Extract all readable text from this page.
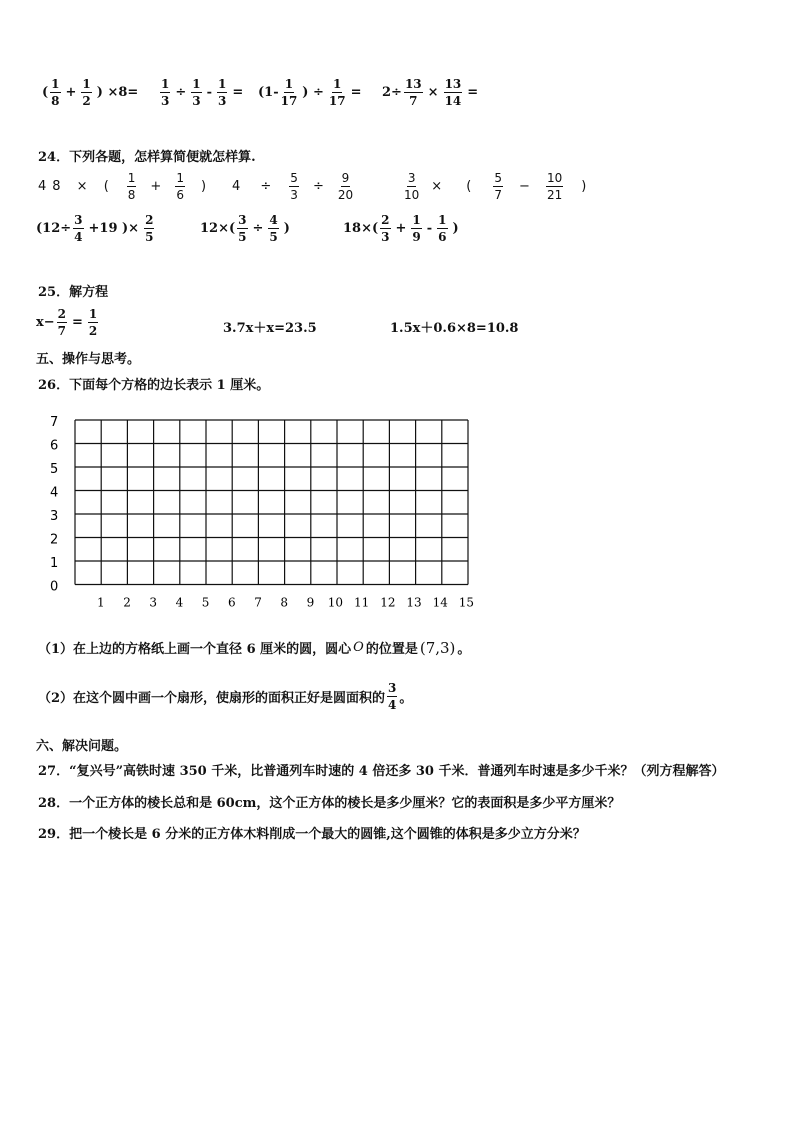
( $\frac{1}{8} + \frac{1}{2}$ ) $\times 8= \frac{1}{3} \div \frac{1}{3} - \frac{1}{3} = (1- \frac{1}{17}$ ) ÷ $\frac{1}{17} = 2\div \frac{13}{7} \times \frac{13}{14}$ =
24．下列各题，怎样算简便就怎样算.
48 × ( $\frac{1}{8} + \frac{1}{6}$ ) $4 \div \frac{5}{3} \div \frac{9}{20}$	$\frac{3}{10}$ × ( $\frac{5}{7} - \frac{10}{21}$ )
($12\div \frac{3}{4} +19$ )× $\frac{2}{5}$	$12\times( \frac{3}{5} \div \frac{4}{5}$ )	$18\times( \frac{2}{3} + \frac{1}{9} - \frac{1}{6}$ )
25．解方程
$x- \frac{2}{7} = \frac{1}{2}$	3.7x＋x=23.5	1.5x＋0.6×8=10.8
五、操作与思考。
26．下面每个方格的边长表示 1 厘米。
7
6
5
4
3
2
1
0
1 2 3 4 5 6 7 8 9 10 11 12 13 14 15
（1）在上边的方格纸上画一个直径 6 厘米的圆，圆心 O 的位置是 (7,3) 。
（2）在这个圆中画一个扇形，使扇形的面积正好是圆面积的 $\frac{3}{4}$ 。
六、解决问题。
27．“复兴号”高铁时速 350 千米，比普通列车时速的 4 倍还多 30 千米．普通列车时速是多少千米？（列方程解答）
28．一个正方体的棱长总和是 60cm，这个正方体的棱长是多少厘米？它的表面积是多少平方厘米？
29．把一个棱长是 6 分米的正方体木料削成一个最大的圆锥,这个圆锥的体积是多少立方分米？
